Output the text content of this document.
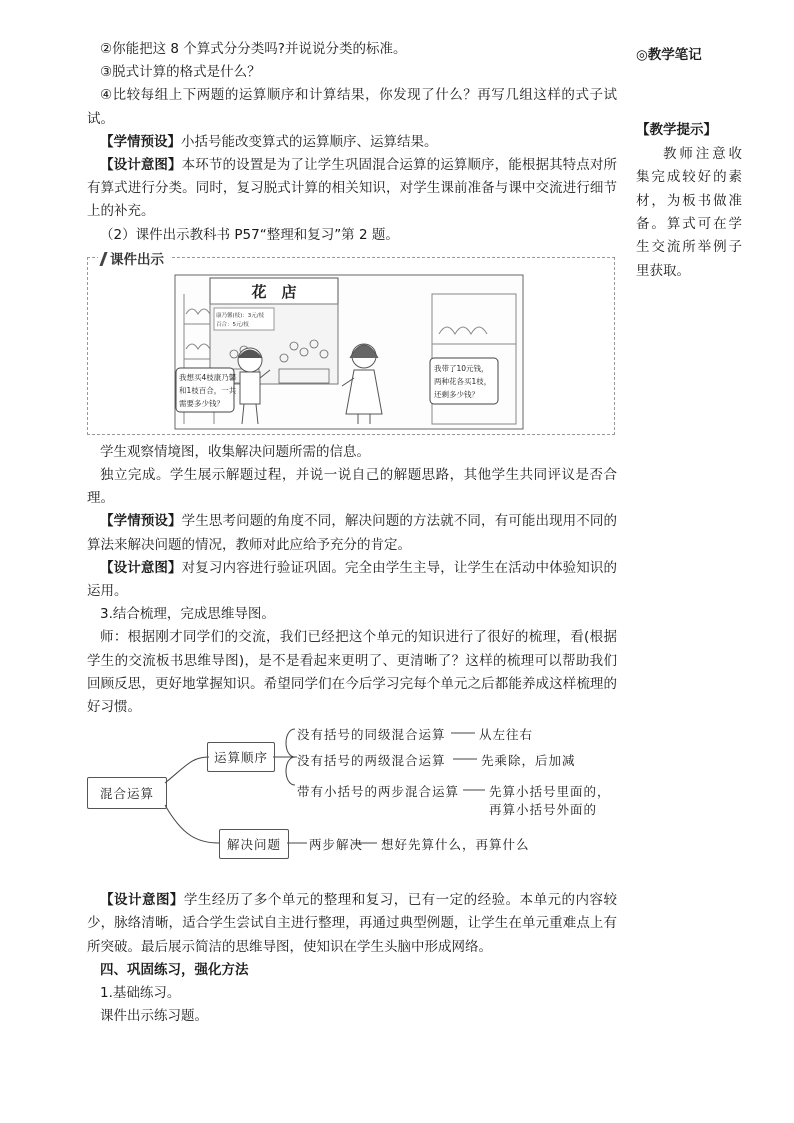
②你能把这 8 个算式分分类吗?并说说分类的标准。

③脱式计算的格式是什么？

④比较每组上下两题的运算顺序和计算结果，你发现了什么？再写几组这样的式子试试。

【学情预设】小括号能改变算式的运算顺序、运算结果。

【设计意图】本环节的设置是为了让学生巩固混合运算的运算顺序，能根据其特点对所有算式进行分类。同时，复习脱式计算的相关知识，对学生课前准备与课中交流进行细节上的补充。

（2）课件出示教科书 P57“整理和复习”第 2 题。

课件出示
花　店
康乃馨(枝)：3元/枝
百合：5元/枝
我想买4枝康乃馨
和1枝百合，一共
需要多少钱？
我带了10元钱，
两种花各买1枝，
还剩多少钱？

学生观察情境图，收集解决问题所需的信息。

独立完成。学生展示解题过程，并说一说自己的解题思路，其他学生共同评议是否合理。

【学情预设】学生思考问题的角度不同，解决问题的方法就不同，有可能出现用不同的算法来解决问题的情况，教师对此应给予充分的肯定。

【设计意图】对复习内容进行验证巩固。完全由学生主导，让学生在活动中体验知识的运用。

3.结合梳理，完成思维导图。

师：根据刚才同学们的交流，我们已经把这个单元的知识进行了很好的梳理，看(根据学生的交流板书思维导图)，是不是看起来更明了、更清晰了？这样的梳理可以帮助我们回顾反思，更好地掌握知识。希望同学们在今后学习完每个单元之后都能养成这样梳理的好习惯。

混合运算
运算顺序
解决问题
没有括号的同级混合运算	从左往右
没有括号的两级混合运算	先乘除，后加减
带有小括号的两步混合运算 先算小括号里面的，
再算小括号外面的
两步解决 想好先算什么，再算什么

【设计意图】学生经历了多个单元的整理和复习，已有一定的经验。本单元的内容较少，脉络清晰，适合学生尝试自主进行整理，再通过典型例题，让学生在单元重难点上有所突破。最后展示简洁的思维导图，使知识在学生头脑中形成网络。

四、巩固练习，强化方法

1.基础练习。

课件出示练习题。

◎教学笔记

【教学提示】

教师注意收集完成较好的素材，为板书做准备。算式可在学生交流所举例子里获取。
